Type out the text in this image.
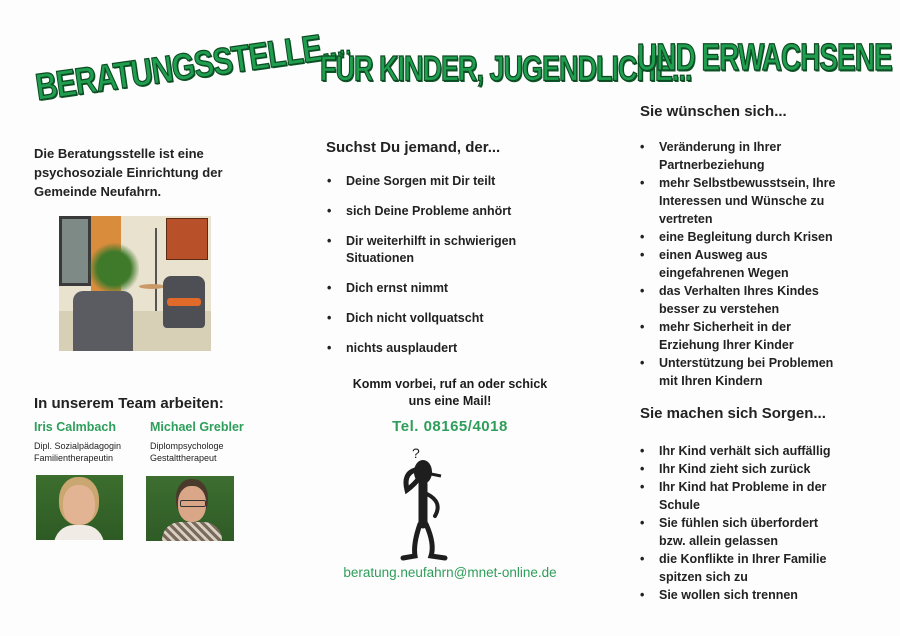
BERATUNGSSTELLE...
Die Beratungsstelle ist eine
psychosoziale Einrichtung der
Gemeinde Neufahrn.
In unserem Team arbeiten:
Iris Calmbach
Dipl. Sozialpädagogin
Familientherapeutin
Michael Grebler
Diplompsychologe
Gestalttherapeut
FÜR KINDER, JUGENDLICHE...
Suchst Du jemand, der...
• Deine Sorgen mit Dir teilt
• sich Deine Probleme anhört
• Dir weiterhilft in schwierigen
Situationen
• Dich ernst nimmt
• Dich nicht vollquatscht
• nichts ausplaudert
Komm vorbei, ruf an oder schick
uns eine Mail!
Tel. 08165/4018
?
beratung.neufahrn@mnet-online.de
UND ERWACHSENE
Sie wünschen sich...
• Veränderung in Ihrer
Partnerbeziehung
• mehr Selbstbewusstsein, Ihre
Interessen und Wünsche zu
vertreten
• eine Begleitung durch Krisen
• einen Ausweg aus
eingefahrenen Wegen
• das Verhalten Ihres Kindes
besser zu verstehen
• mehr Sicherheit in der
Erziehung Ihrer Kinder
• Unterstützung bei Problemen
mit Ihren Kindern
Sie machen sich Sorgen...
• Ihr Kind verhält sich auffällig
• Ihr Kind zieht sich zurück
• Ihr Kind hat Probleme in der
Schule
• Sie fühlen sich überfordert
bzw. allein gelassen
• die Konflikte in Ihrer Familie
spitzen sich zu
• Sie wollen sich trennen
